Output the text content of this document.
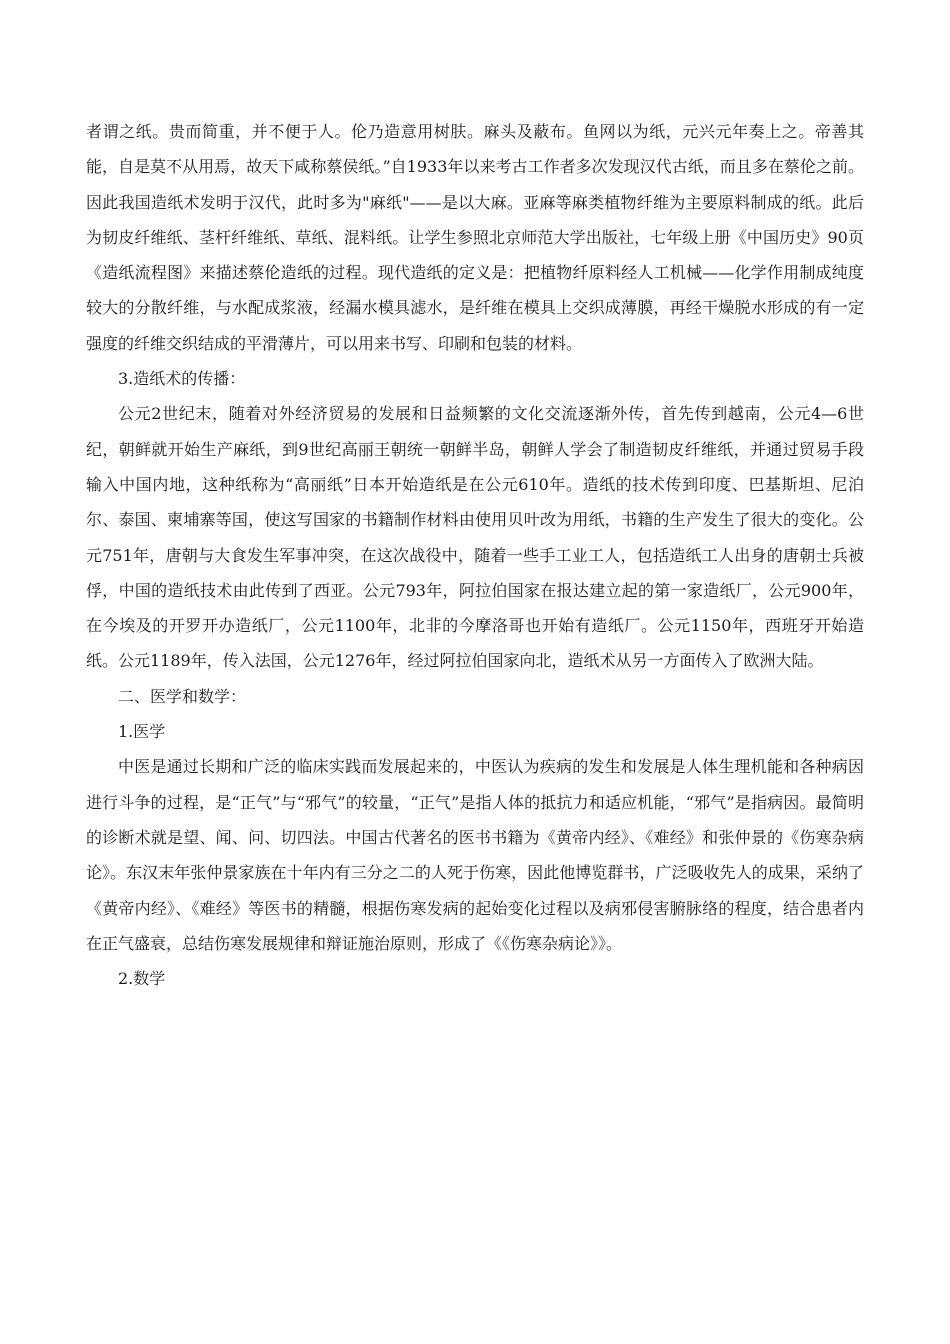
者谓之纸。贵而简重，并不便于人。伦乃造意用树肤。麻头及蔽布。鱼网以为纸，元兴元年奏上之。帝善其能，自是莫不从用焉，故天下咸称蔡侯纸。”自1933年以来考古工作者多次发现汉代古纸，而且多在蔡伦之前。因此我国造纸术发明于汉代，此时多为"麻纸"——是以大麻。亚麻等麻类植物纤维为主要原料制成的纸。此后为韧皮纤维纸、茎杆纤维纸、草纸、混料纸。让学生参照北京师范大学出版社，七年级上册《中国历史》90页《造纸流程图》来描述蔡伦造纸的过程。现代造纸的定义是：把植物纤原料经人工机械——化学作用制成纯度较大的分散纤维，与水配成浆液，经漏水模具滤水，是纤维在模具上交织成薄膜，再经干燥脱水形成的有一定强度的纤维交织结成的平滑薄片，可以用来书写、印刷和包装的材料。

3.造纸术的传播：

公元2世纪末，随着对外经济贸易的发展和日益频繁的文化交流逐渐外传，首先传到越南，公元4—6世纪，朝鲜就开始生产麻纸，到9世纪高丽王朝统一朝鲜半岛，朝鲜人学会了制造韧皮纤维纸，并通过贸易手段输入中国内地，这种纸称为“高丽纸”日本开始造纸是在公元610年。造纸的技术传到印度、巴基斯坦、尼泊尔、泰国、柬埔寨等国，使这写国家的书籍制作材料由使用贝叶改为用纸，书籍的生产发生了很大的变化。公元751年，唐朝与大食发生军事冲突，在这次战役中，随着一些手工业工人，包括造纸工人出身的唐朝士兵被俘，中国的造纸技术由此传到了西亚。公元793年，阿拉伯国家在报达建立起的第一家造纸厂，公元900年，在今埃及的开罗开办造纸厂，公元1100年，北非的今摩洛哥也开始有造纸厂。公元1150年，西班牙开始造纸。公元1189年，传入法国，公元1276年，经过阿拉伯国家向北，造纸术从另一方面传入了欧洲大陆。

二、医学和数学：

1.医学

中医是通过长期和广泛的临床实践而发展起来的，中医认为疾病的发生和发展是人体生理机能和各种病因进行斗争的过程，是“正气”与“邪气”的较量，“正气”是指人体的抵抗力和适应机能，“邪气”是指病因。最简明的诊断术就是望、闻、问、切四法。中国古代著名的医书书籍为《黄帝内经》、《难经》和张仲景的《伤寒杂病论》。东汉末年张仲景家族在十年内有三分之二的人死于伤寒，因此他博览群书，广泛吸收先人的成果，采纳了《黄帝内经》、《难经》等医书的精髓，根据伤寒发病的起始变化过程以及病邪侵害腑脉络的程度，结合患者内在正气盛衰，总结伤寒发展规律和辩证施治原则，形成了《《伤寒杂病论》》。

2.数学
